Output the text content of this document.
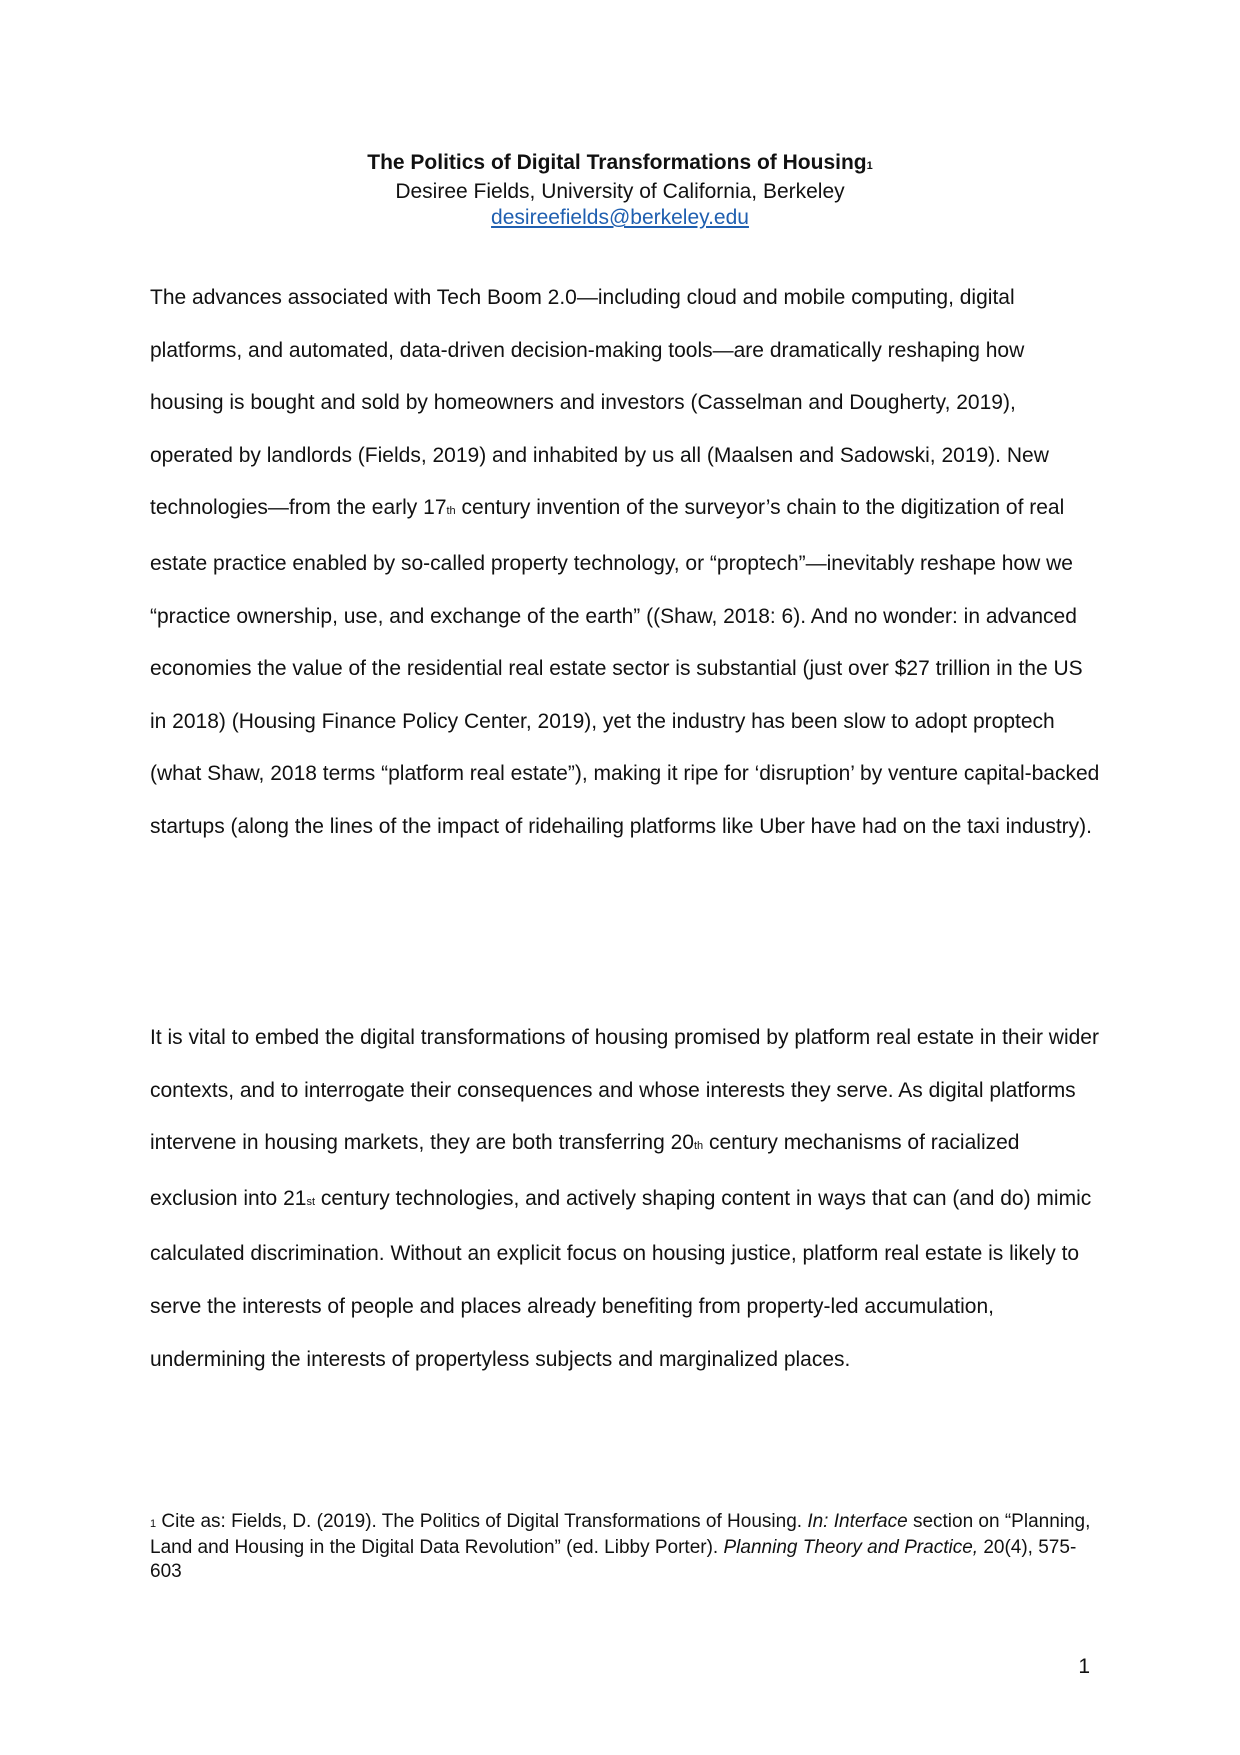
The Politics of Digital Transformations of Housing1
Desiree Fields, University of California, Berkeley
desireefields@berkeley.edu

The advances associated with Tech Boom 2.0—including cloud and mobile computing, digital platforms, and automated, data-driven decision-making tools—are dramatically reshaping how housing is bought and sold by homeowners and investors (Casselman and Dougherty, 2019), operated by landlords (Fields, 2019) and inhabited by us all (Maalsen and Sadowski, 2019). New technologies—from the early 17th century invention of the surveyor’s chain to the digitization of real estate practice enabled by so-called property technology, or “proptech”—inevitably reshape how we “practice ownership, use, and exchange of the earth” ((Shaw, 2018: 6). And no wonder: in advanced economies the value of the residential real estate sector is substantial (just over $27 trillion in the US in 2018) (Housing Finance Policy Center, 2019), yet the industry has been slow to adopt proptech (what Shaw, 2018 terms “platform real estate”), making it ripe for ‘disruption’ by venture capital-backed startups (along the lines of the impact of ridehailing platforms like Uber have had on the taxi industry).

It is vital to embed the digital transformations of housing promised by platform real estate in their wider contexts, and to interrogate their consequences and whose interests they serve. As digital platforms intervene in housing markets, they are both transferring 20th century mechanisms of racialized exclusion into 21st century technologies, and actively shaping content in ways that can (and do) mimic calculated discrimination. Without an explicit focus on housing justice, platform real estate is likely to serve the interests of people and places already benefiting from property-led accumulation, undermining the interests of propertyless subjects and marginalized places.

1 Cite as: Fields, D. (2019). The Politics of Digital Transformations of Housing. In: Interface section on “Planning, Land and Housing in the Digital Data Revolution” (ed. Libby Porter). Planning Theory and Practice, 20(4), 575-603
1
